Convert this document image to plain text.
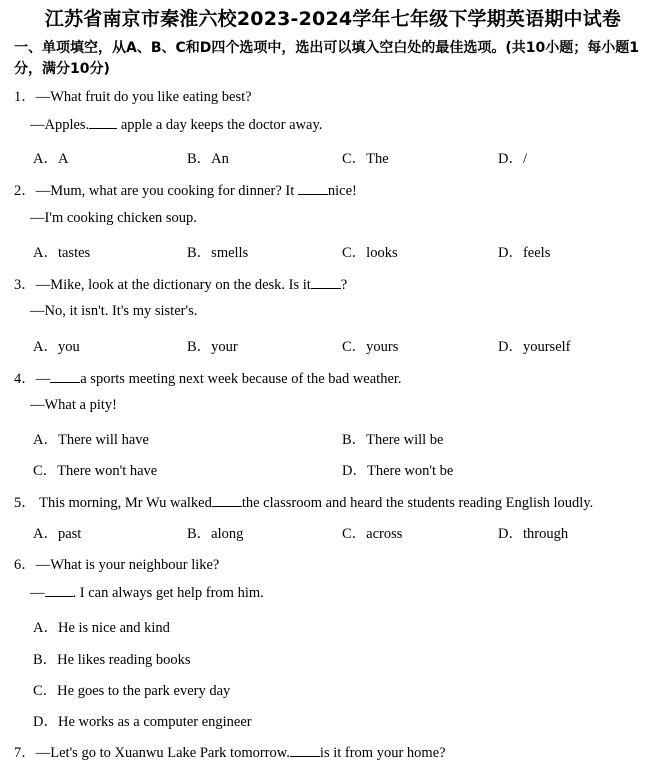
江苏省南京市秦淮六校2023-2024学年七年级下学期英语期中试卷
一、单项填空，从A、B、C和D四个选项中，选出可以填入空白处的最佳选项。(共10小题；每小题1分，满分10分)
1．—What fruit do you like eating best?
—Apples. apple a day keeps the doctor away.
A．A	B．An	C．The	D．/
2．—Mum, what are you cooking for dinner? It nice!
—I'm cooking chicken soup.
A．tastes	B．smells	C．looks	D．feels
3．—Mike, look at the dictionary on the desk. Is it ?
—No, it isn't. It's my sister's.
A．you	B．your	C．yours	D．yourself
4．— a sports meeting next week because of the bad weather.
—What a pity!
A．There will have	B．There will be
C．There won't have	D．There won't be
5． This morning, Mr Wu walked the classroom and heard the students reading English loudly.
A．past	B．along	C．across	D．through
6．—What is your neighbour like?
— . I can always get help from him.
A．He is nice and kind
B．He likes reading books
C．He goes to the park every day
D．He works as a computer engineer
7．—Let's go to Xuanwu Lake Park tomorrow. is it from your home?
